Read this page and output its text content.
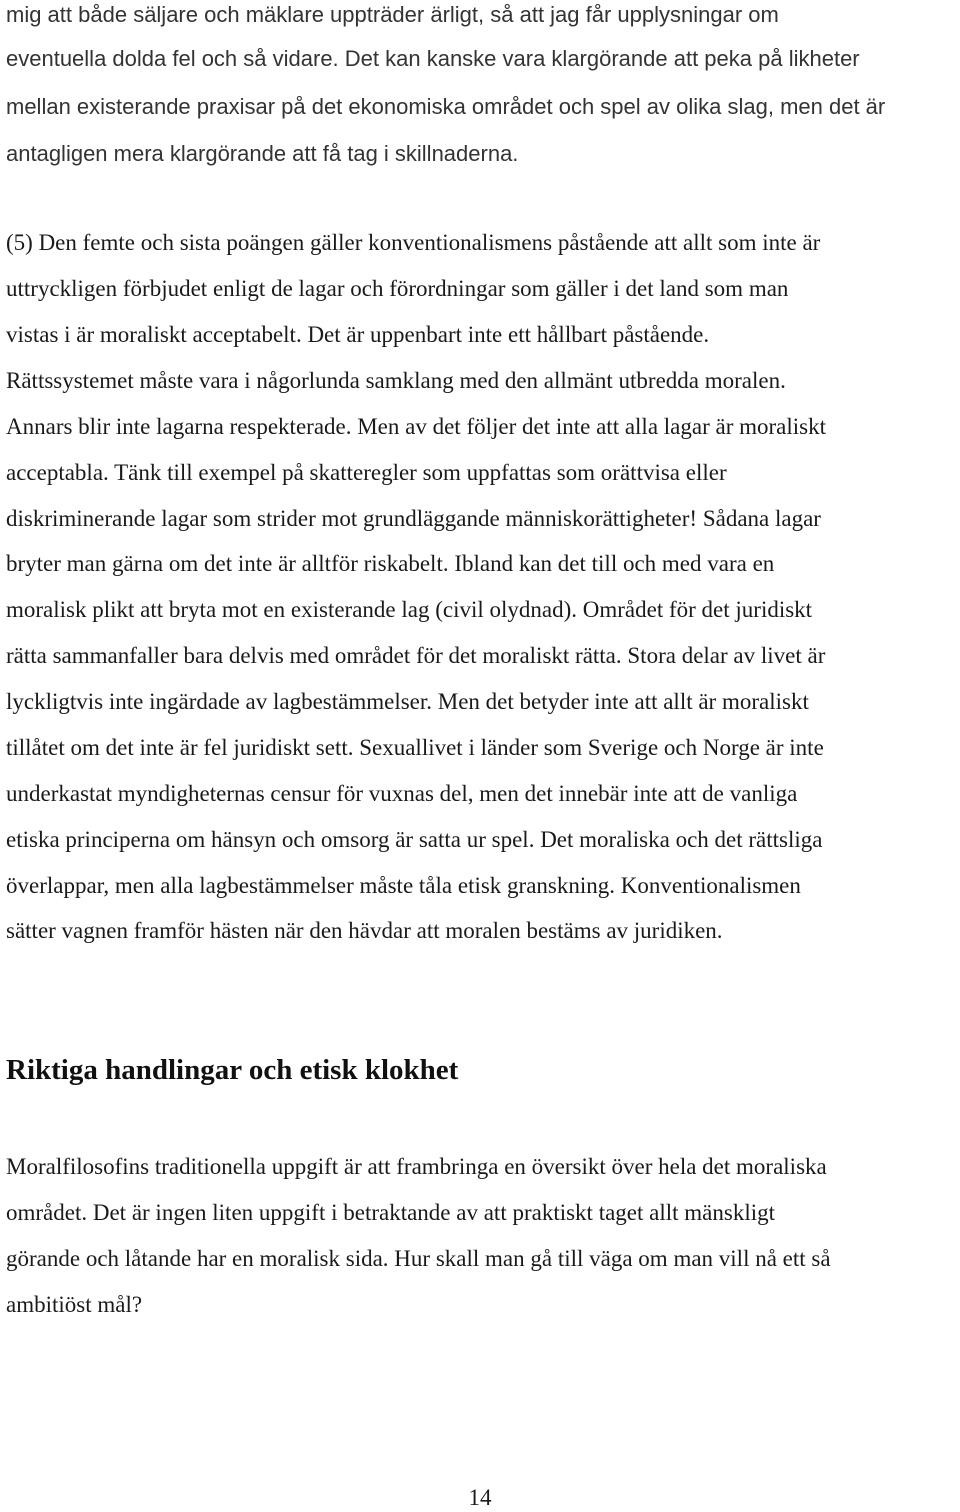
mig att både säljare och mäklare uppträder ärligt, så att jag får upplysningar om

eventuella dolda fel och så vidare. Det kan kanske vara klargörande att peka på likheter

mellan existerande praxisar på det ekonomiska området och spel av olika slag, men det är

antagligen mera klargörande att få tag i skillnaderna.

(5) Den femte och sista poängen gäller konventionalismens påstående att allt som inte är

uttryckligen förbjudet enligt de lagar och förordningar som gäller i det land som man

vistas i är moraliskt acceptabelt. Det är uppenbart inte ett hållbart påstående.

Rättssystemet måste vara i någorlunda samklang med den allmänt utbredda moralen.

Annars blir inte lagarna respekterade. Men av det följer det inte att alla lagar är moraliskt

acceptabla. Tänk till exempel på skatteregler som uppfattas som orättvisa eller

diskriminerande lagar som strider mot grundläggande människorättigheter! Sådana lagar

bryter man gärna om det inte är alltför riskabelt. Ibland kan det till och med vara en

moralisk plikt att bryta mot en existerande lag (civil olydnad). Området för det juridiskt

rätta sammanfaller bara delvis med området för det moraliskt rätta. Stora delar av livet är

lyckligtvis inte ingärdade av lagbestämmelser. Men det betyder inte att allt är moraliskt

tillåtet om det inte är fel juridiskt sett. Sexuallivet i länder som Sverige och Norge är inte

underkastat myndigheternas censur för vuxnas del, men det innebär inte att de vanliga

etiska principerna om hänsyn och omsorg är satta ur spel. Det moraliska och det rättsliga

överlappar, men alla lagbestämmelser måste tåla etisk granskning. Konventionalismen

sätter vagnen framför hästen när den hävdar att moralen bestäms av juridiken.

Riktiga handlingar och etisk klokhet

Moralfilosofins traditionella uppgift är att frambringa en översikt över hela det moraliska

området. Det är ingen liten uppgift i betraktande av att praktiskt taget allt mänskligt

görande och låtande har en moralisk sida. Hur skall man gå till väga om man vill nå ett så

ambitiöst mål?

14
